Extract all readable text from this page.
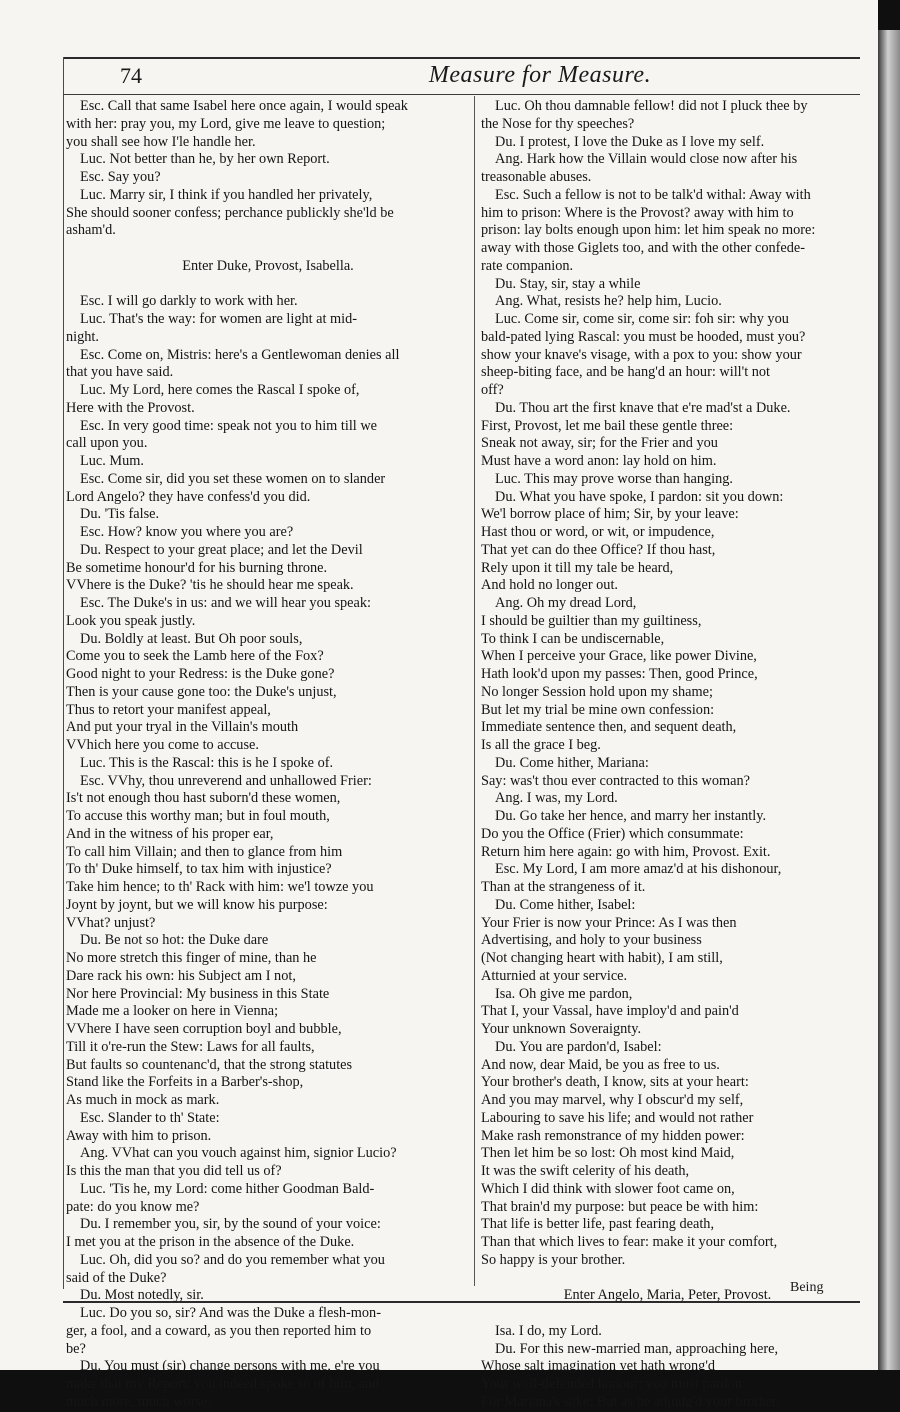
74	Measure for Measure.
Esc. Call that same Isabel here once again, I would speak
with her: pray you, my Lord, give me leave to question;
you shall see how I'le handle her.
Luc. Not better than he, by her own Report.
Esc. Say you?
Luc. Marry sir, I think if you handled her privately,
She should sooner confess; perchance publickly she'ld be
asham'd.
Enter Duke, Provost, Isabella.
Esc. I will go darkly to work with her.
Luc. That's the way: for women are light at mid-
night.
Esc. Come on, Mistris: here's a Gentlewoman denies all
that you have said.
Luc. My Lord, here comes the Rascal I spoke of,
Here with the Provost.
Esc. In very good time: speak not you to him till we
call upon you.
Luc. Mum.
Esc. Come sir, did you set these women on to slander
Lord Angelo? they have confess'd you did.
Du. 'Tis false.
Esc. How? know you where you are?
Du. Respect to your great place; and let the Devil
Be sometime honour'd for his burning throne.
VVhere is the Duke? 'tis he should hear me speak.
Esc. The Duke's in us: and we will hear you speak:
Look you speak justly.
Du. Boldly at least. But Oh poor souls,
Come you to seek the Lamb here of the Fox?
Good night to your Redress: is the Duke gone?
Then is your cause gone too: the Duke's unjust,
Thus to retort your manifest appeal,
And put your tryal in the Villain's mouth
VVhich here you come to accuse.
Luc. This is the Rascal: this is he I spoke of.
Esc. VVhy, thou unreverend and unhallowed Frier:
Is't not enough thou hast suborn'd these women,
To accuse this worthy man; but in foul mouth,
And in the witness of his proper ear,
To call him Villain; and then to glance from him
To th' Duke himself, to tax him with injustice?
Take him hence; to th' Rack with him: we'l towze you
Joynt by joynt, but we will know his purpose:
VVhat? unjust?
Du. Be not so hot: the Duke dare
No more stretch this finger of mine, than he
Dare rack his own: his Subject am I not,
Nor here Provincial: My business in this State
Made me a looker on here in Vienna;
VVhere I have seen corruption boyl and bubble,
Till it o're-run the Stew: Laws for all faults,
But faults so countenanc'd, that the strong statutes
Stand like the Forfeits in a Barber's-shop,
As much in mock as mark.
Esc. Slander to th' State:
Away with him to prison.
Ang. VVhat can you vouch against him, signior Lucio?
Is this the man that you did tell us of?
Luc. 'Tis he, my Lord: come hither Goodman Bald-
pate: do you know me?
Du. I remember you, sir, by the sound of your voice:
I met you at the prison in the absence of the Duke.
Luc. Oh, did you so? and do you remember what you
said of the Duke?
Du. Most notedly, sir.
Luc. Do you so, sir? And was the Duke a flesh-mon-
ger, a fool, and a coward, as you then reported him to
be?
Du. You must (sir) change persons with me, e're you
make that my Report: you indeed spoke so of him, and
much more, much worse.
Luc. Oh thou damnable fellow! did not I pluck thee by
the Nose for thy speeches?
Du. I protest, I love the Duke as I love my self.
Ang. Hark how the Villain would close now after his
treasonable abuses.
Esc. Such a fellow is not to be talk'd withal: Away with
him to prison: Where is the Provost? away with him to
prison: lay bolts enough upon him: let him speak no more:
away with those Giglets too, and with the other confede-
rate companion.
Du. Stay, sir, stay a while
Ang. What, resists he? help him, Lucio.
Luc. Come sir, come sir, come sir: foh sir: why you
bald-pated lying Rascal: you must be hooded, must you?
show your knave's visage, with a pox to you: show your
sheep-biting face, and be hang'd an hour: will't not
off?
Du. Thou art the first knave that e're mad'st a Duke.
First, Provost, let me bail these gentle three:
Sneak not away, sir; for the Frier and you
Must have a word anon: lay hold on him.
Luc. This may prove worse than hanging.
Du. What you have spoke, I pardon: sit you down:
We'l borrow place of him; Sir, by your leave:
Hast thou or word, or wit, or impudence,
That yet can do thee Office? If thou hast,
Rely upon it till my tale be heard,
And hold no longer out.
Ang. Oh my dread Lord,
I should be guiltier than my guiltiness,
To think I can be undiscernable,
When I perceive your Grace, like power Divine,
Hath look'd upon my passes: Then, good Prince,
No longer Session hold upon my shame;
But let my trial be mine own confession:
Immediate sentence then, and sequent death,
Is all the grace I beg.
Du. Come hither, Mariana:
Say: was't thou ever contracted to this woman?
Ang. I was, my Lord.
Du. Go take her hence, and marry her instantly.
Do you the Office (Frier) which consummate:
Return him here again: go with him, Provost. Exit.
Esc. My Lord, I am more amaz'd at his dishonour,
Than at the strangeness of it.
Du. Come hither, Isabel:
Your Frier is now your Prince: As I was then
Advertising, and holy to your business
(Not changing heart with habit), I am still,
Atturnied at your service.
Isa. Oh give me pardon,
That I, your Vassal, have imploy'd and pain'd
Your unknown Soveraignty.
Du. You are pardon'd, Isabel:
And now, dear Maid, be you as free to us.
Your brother's death, I know, sits at your heart:
And you may marvel, why I obscur'd my self,
Labouring to save his life; and would not rather
Make rash remonstrance of my hidden power:
Then let him be so lost: Oh most kind Maid,
It was the swift celerity of his death,
Which I did think with slower foot came on,
That brain'd my purpose: but peace be with him:
That life is better life, past fearing death,
Than that which lives to fear: make it your comfort,
So happy is your brother.
Enter Angelo, Maria, Peter, Provost.
Isa. I do, my Lord.
Du. For this new-married man, approaching here,
Whose salt imagination yet hath wrong'd
Your well-defended honour; you must pardon
For Mariana's sake: But as he adjudg'd your brother,
Being
